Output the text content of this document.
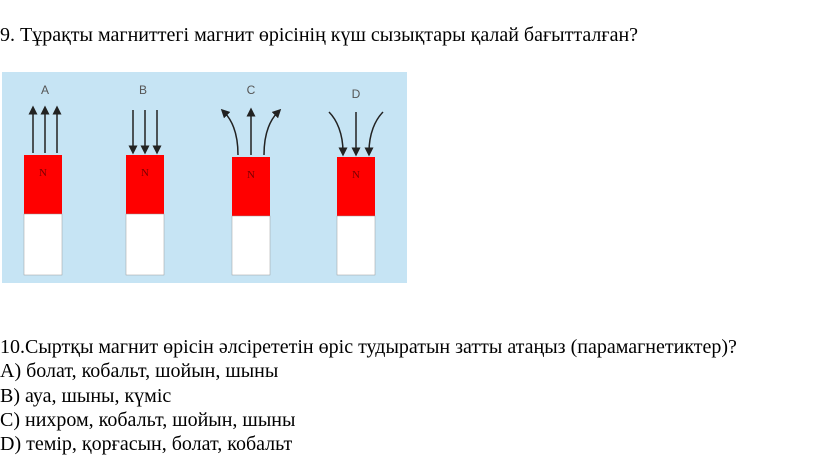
9. Тұрақты магниттегі магнит өрісінің күш сызықтары қалай бағытталған?
A
N
B
N
C
N
D
N
10.Сыртқы магнит өрісін әлсірететін өріс тудыратын затты атаңыз (парамагнетиктер)?
A) болат, кобальт, шойын, шыны
B) ауа, шыны, күміс
C) нихром, кобальт, шойын, шыны
D) темір, қорғасын, болат, кобальт
